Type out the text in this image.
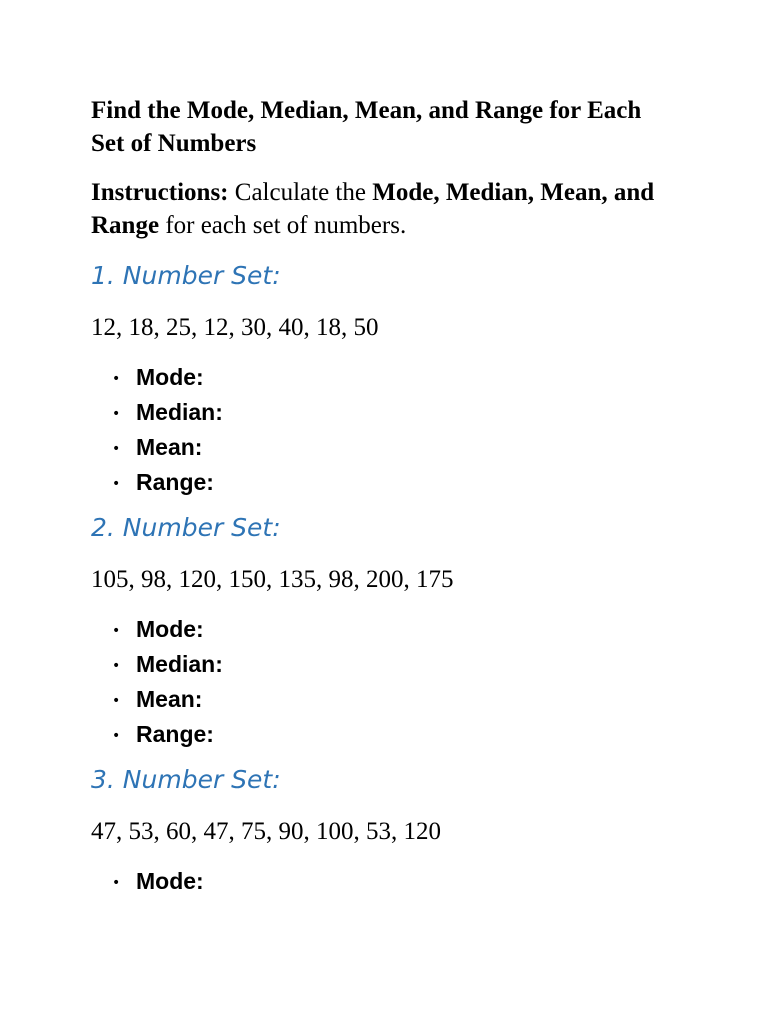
Find the Mode, Median, Mean, and Range for Each Set of Numbers
Instructions: Calculate the Mode, Median, Mean, and Range for each set of numbers.
1. Number Set:
12, 18, 25, 12, 30, 40, 18, 50
• Mode:
• Median:
• Mean:
• Range:
2. Number Set:
105, 98, 120, 150, 135, 98, 200, 175
• Mode:
• Median:
• Mean:
• Range:
3. Number Set:
47, 53, 60, 47, 75, 90, 100, 53, 120
• Mode:
